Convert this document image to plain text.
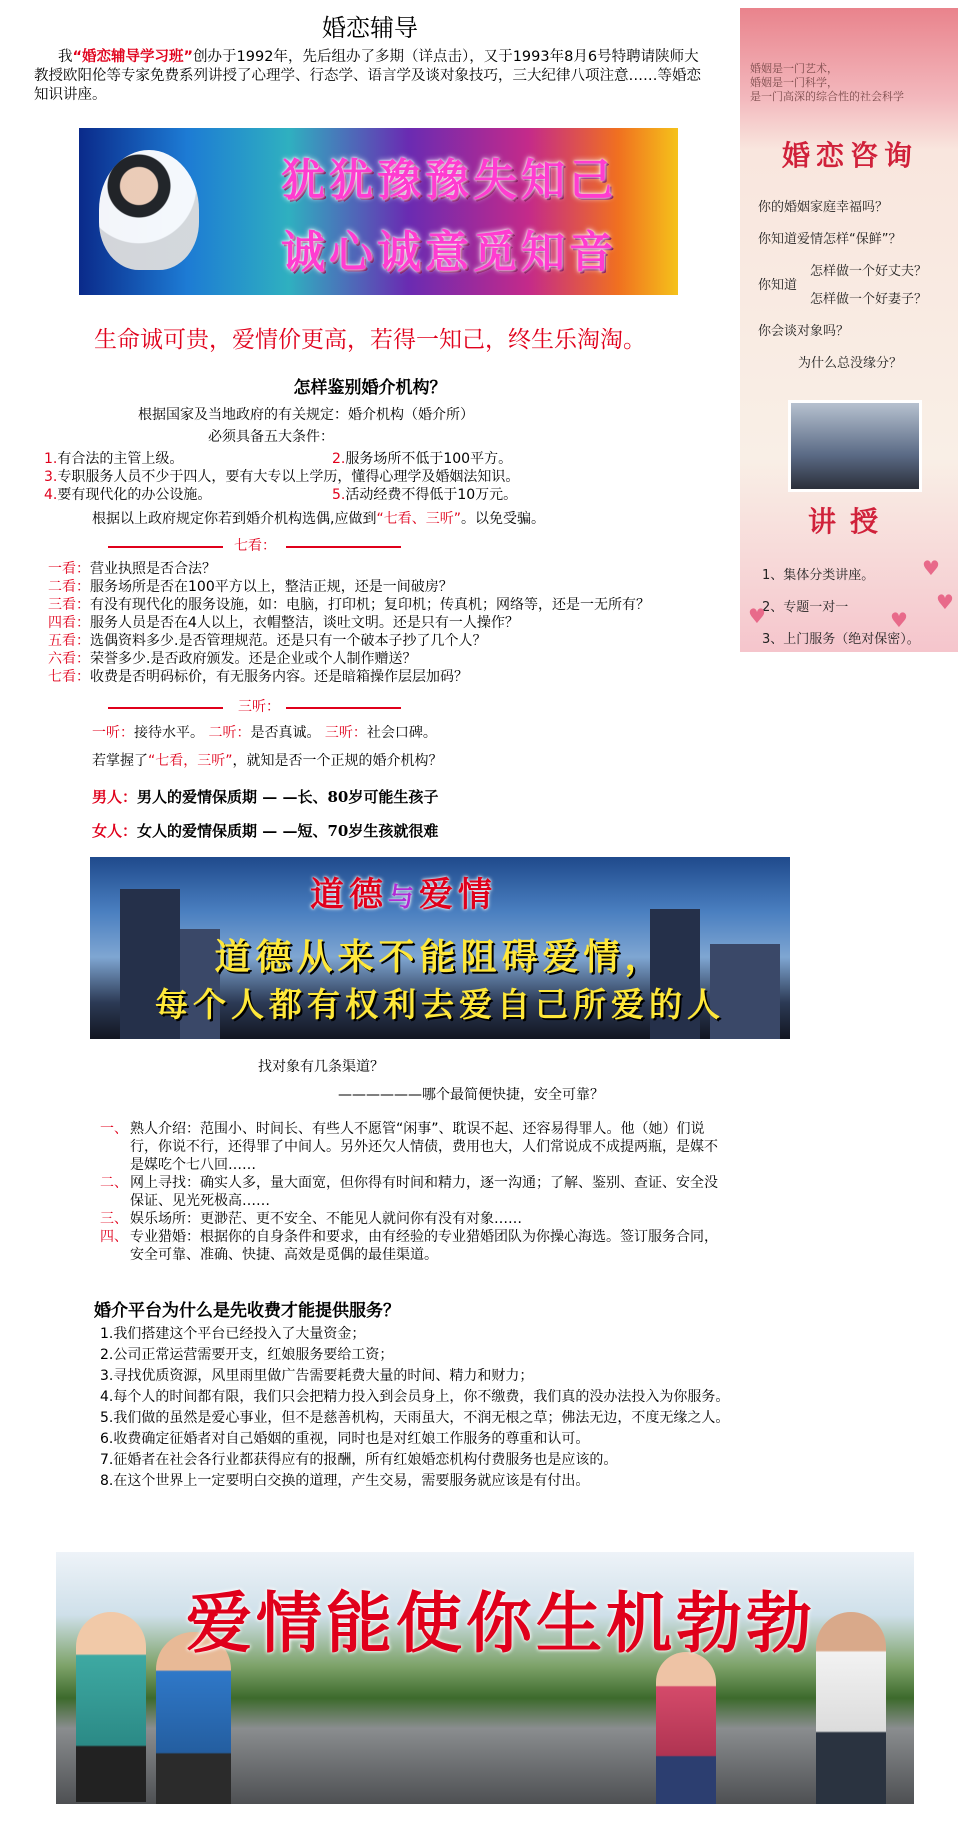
婚恋辅导
我“婚恋辅导学习班”创办于1992年，先后组办了多期（详点击），又于1993年8月6号特聘请陕师大教授欧阳伦等专家免费系列讲授了心理学、行态学、语言学及谈对象技巧，三大纪律八项注意……等婚恋知识讲座。
犹犹豫豫失知己
诚心诚意觅知音
生命诚可贵，爱情价更高，若得一知己，终生乐淘淘。
怎样鉴别婚介机构？
根据国家及当地政府的有关规定：婚介机构（婚介所）
必须具备五大条件：
1.有合法的主管上级。	2.服务场所不低于100平方。
3.专职服务人员不少于四人，要有大专以上学历，懂得心理学及婚姻法知识。
4.要有现代化的办公设施。	5.活动经费不得低于10万元。
根据以上政府规定你若到婚介机构选偶,应做到“七看、三听”。以免受骗。
七看：
一看：营业执照是否合法？
二看：服务场所是否在100平方以上，整洁正规，还是一间破房？
三看：有没有现代化的服务设施，如：电脑，打印机；复印机；传真机；网络等，还是一无所有？
四看：服务人员是否在4人以上，衣帽整洁，谈吐文明。还是只有一人操作？
五看：选偶资料多少.是否管理规范。还是只有一个破本子抄了几个人？
六看：荣誉多少.是否政府颁发。还是企业或个人制作赠送？
七看：收费是否明码标价，有无服务内容。还是暗箱操作层层加码？
三听：
一听：接待水平。 二听：是否真诚。 三听：社会口碑。
若掌握了“七看，三听”，就知是否一个正规的婚介机构？
男人：男人的爱情保质期 — —长、80岁可能生孩子
女人：女人的爱情保质期 — —短、70岁生孩就很难
道德与爱情
道德从来不能阻碍爱情，
每个人都有权利去爱自己所爱的人
找对象有几条渠道？
——————哪个最简便快捷，安全可靠？
一、 熟人介绍：范围小、时间长、有些人不愿管“闲事”、耽误不起、还容易得罪人。他（她）们说行，你说不行，还得罪了中间人。另外还欠人情债，费用也大，人们常说成不成提两瓶，是媒不是媒吃个七八回……
二、 网上寻找：确实人多，量大面宽，但你得有时间和精力，逐一沟通；了解、鉴别、查证、安全没保证、见光死极高……
三、 娱乐场所：更渺茫、更不安全、不能见人就问你有没有对象……
四、 专业猎婚：根据你的自身条件和要求，由有经验的专业猎婚团队为你操心海选。签订服务合同，安全可靠、准确、快捷、高效是觅偶的最佳渠道。
婚介平台为什么是先收费才能提供服务？
1.我们搭建这个平台已经投入了大量资金；
2.公司正常运营需要开支，红娘服务要给工资；
3.寻找优质资源，风里雨里做广告需要耗费大量的时间、精力和财力；
4.每个人的时间都有限，我们只会把精力投入到会员身上，你不缴费，我们真的没办法投入为你服务。
5.我们做的虽然是爱心事业，但不是慈善机构，天雨虽大，不润无根之草；佛法无边，不度无缘之人。
6.收费确定征婚者对自己婚姻的重视，同时也是对红娘工作服务的尊重和认可。
7.征婚者在社会各行业都获得应有的报酬，所有红娘婚恋机构付费服务也是应该的。
8.在这个世界上一定要明白交换的道理，产生交易，需要服务就应该是有付出。
爱情能使你生机勃勃
婚姻是一门艺术，
婚姻是一门科学，
是一门高深的综合性的社会科学
婚恋咨询
你的婚姻家庭幸福吗？
你知道爱情怎样“保鲜”？
你知道
怎样做一个好丈夫？
怎样做一个好妻子？
你会谈对象吗？
为什么总没缘分？
讲授
1、集体分类讲座。
2、专题一对一
3、上门服务（绝对保密）。
♥
♥
♥
♥
